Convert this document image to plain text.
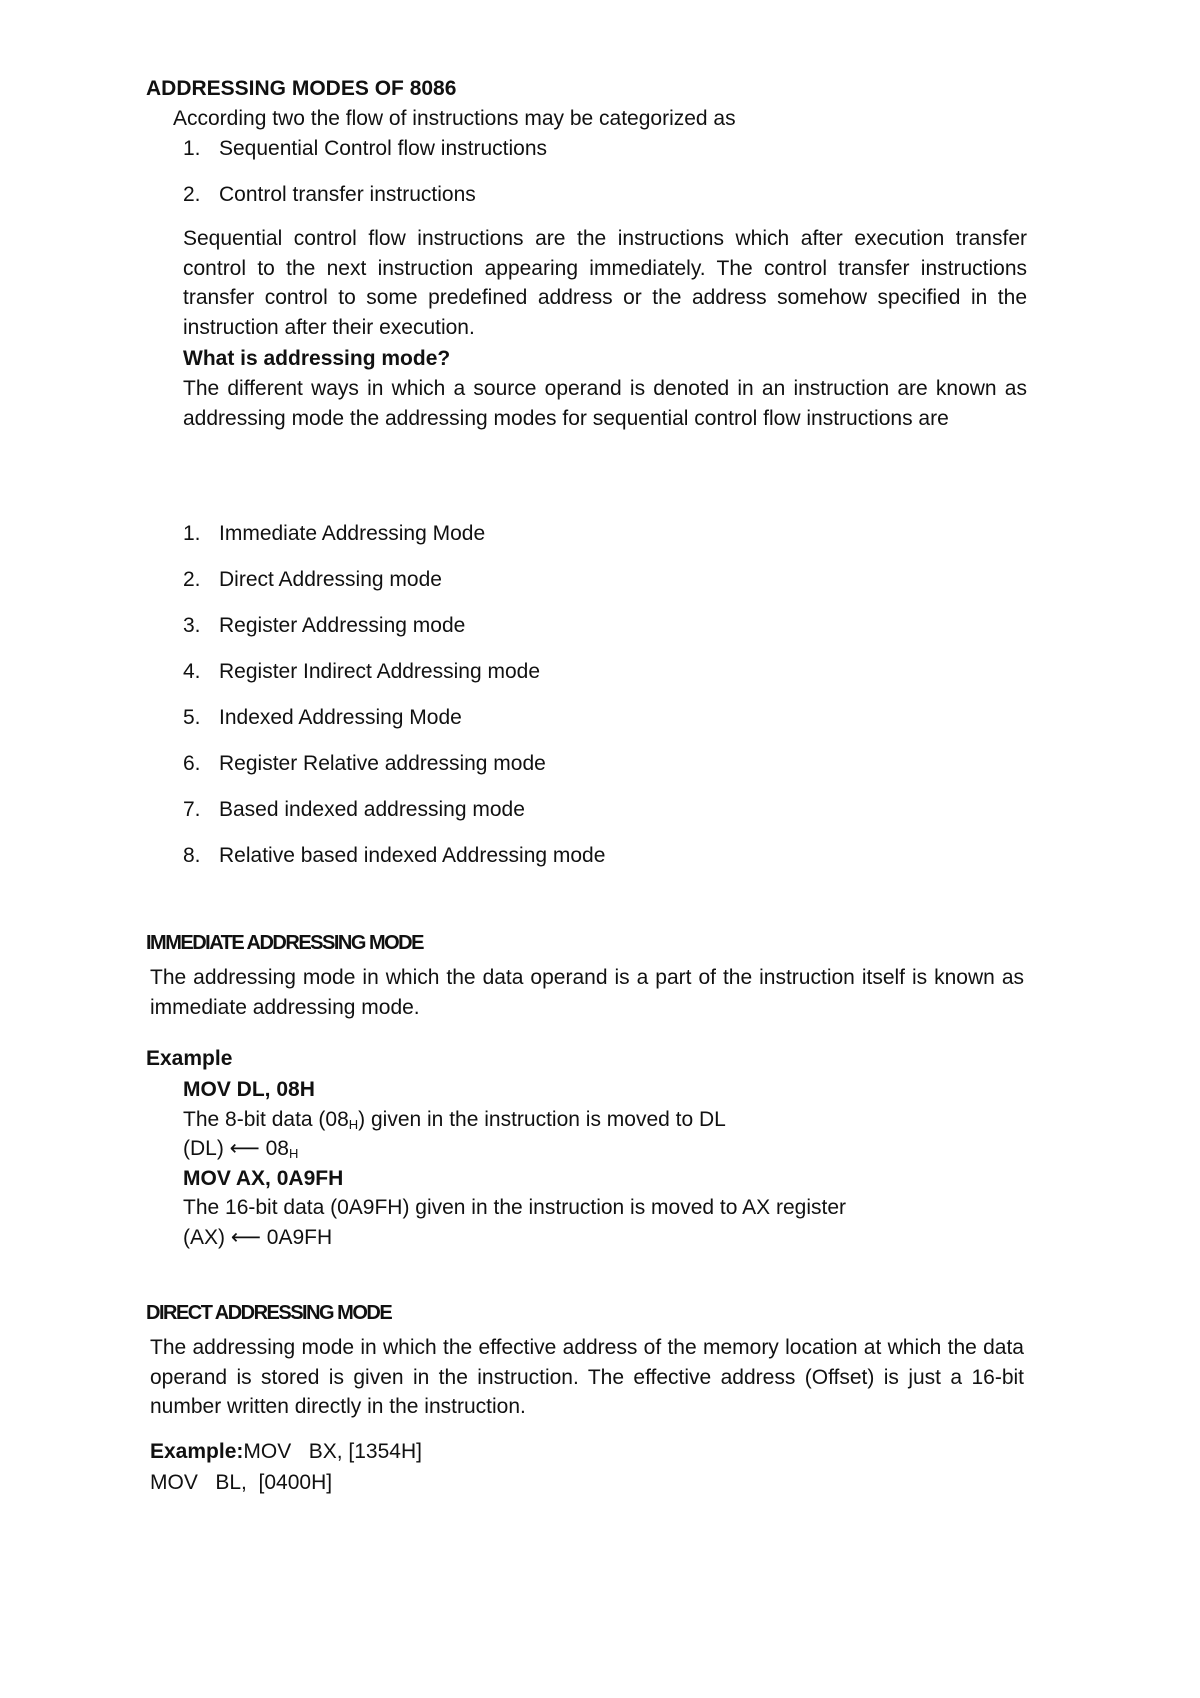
ADDRESSING MODES OF 8086

According two the flow of instructions may be categorized as

1. Sequential Control flow instructions
2. Control transfer instructions

Sequential control flow instructions are the instructions which after execution transfer control to the next instruction appearing immediately. The control transfer instructions transfer control to some predefined address or the address somehow specified in the instruction after their execution.

What is addressing mode?

The different ways in which a source operand is denoted in an instruction are known as addressing mode the addressing modes for sequential control flow instructions are

1. Immediate Addressing Mode
2. Direct Addressing mode
3. Register Addressing mode
4. Register Indirect Addressing mode
5. Indexed Addressing Mode
6. Register Relative addressing mode
7. Based indexed addressing mode
8. Relative based indexed Addressing mode
IMMEDIATE ADDRESSING MODE

The addressing mode in which the data operand is a part of the instruction itself is known as immediate addressing mode.

Example

MOV DL, 08H
The 8-bit data $(08_H)$ given in the instruction is moved to DL
(DL) ⟵ $08_H$
MOV AX, 0A9FH
The 16-bit data (0A9FH) given in the instruction is moved to AX register
(AX) ⟵ 0A9FH
DIRECT ADDRESSING MODE

The addressing mode in which the effective address of the memory location at which the data operand is stored is given in the instruction. The effective address (Offset) is just a 16-bit number written directly in the instruction.

Example:MOV   BX, [1354H]
MOV   BL,  [0400H]
